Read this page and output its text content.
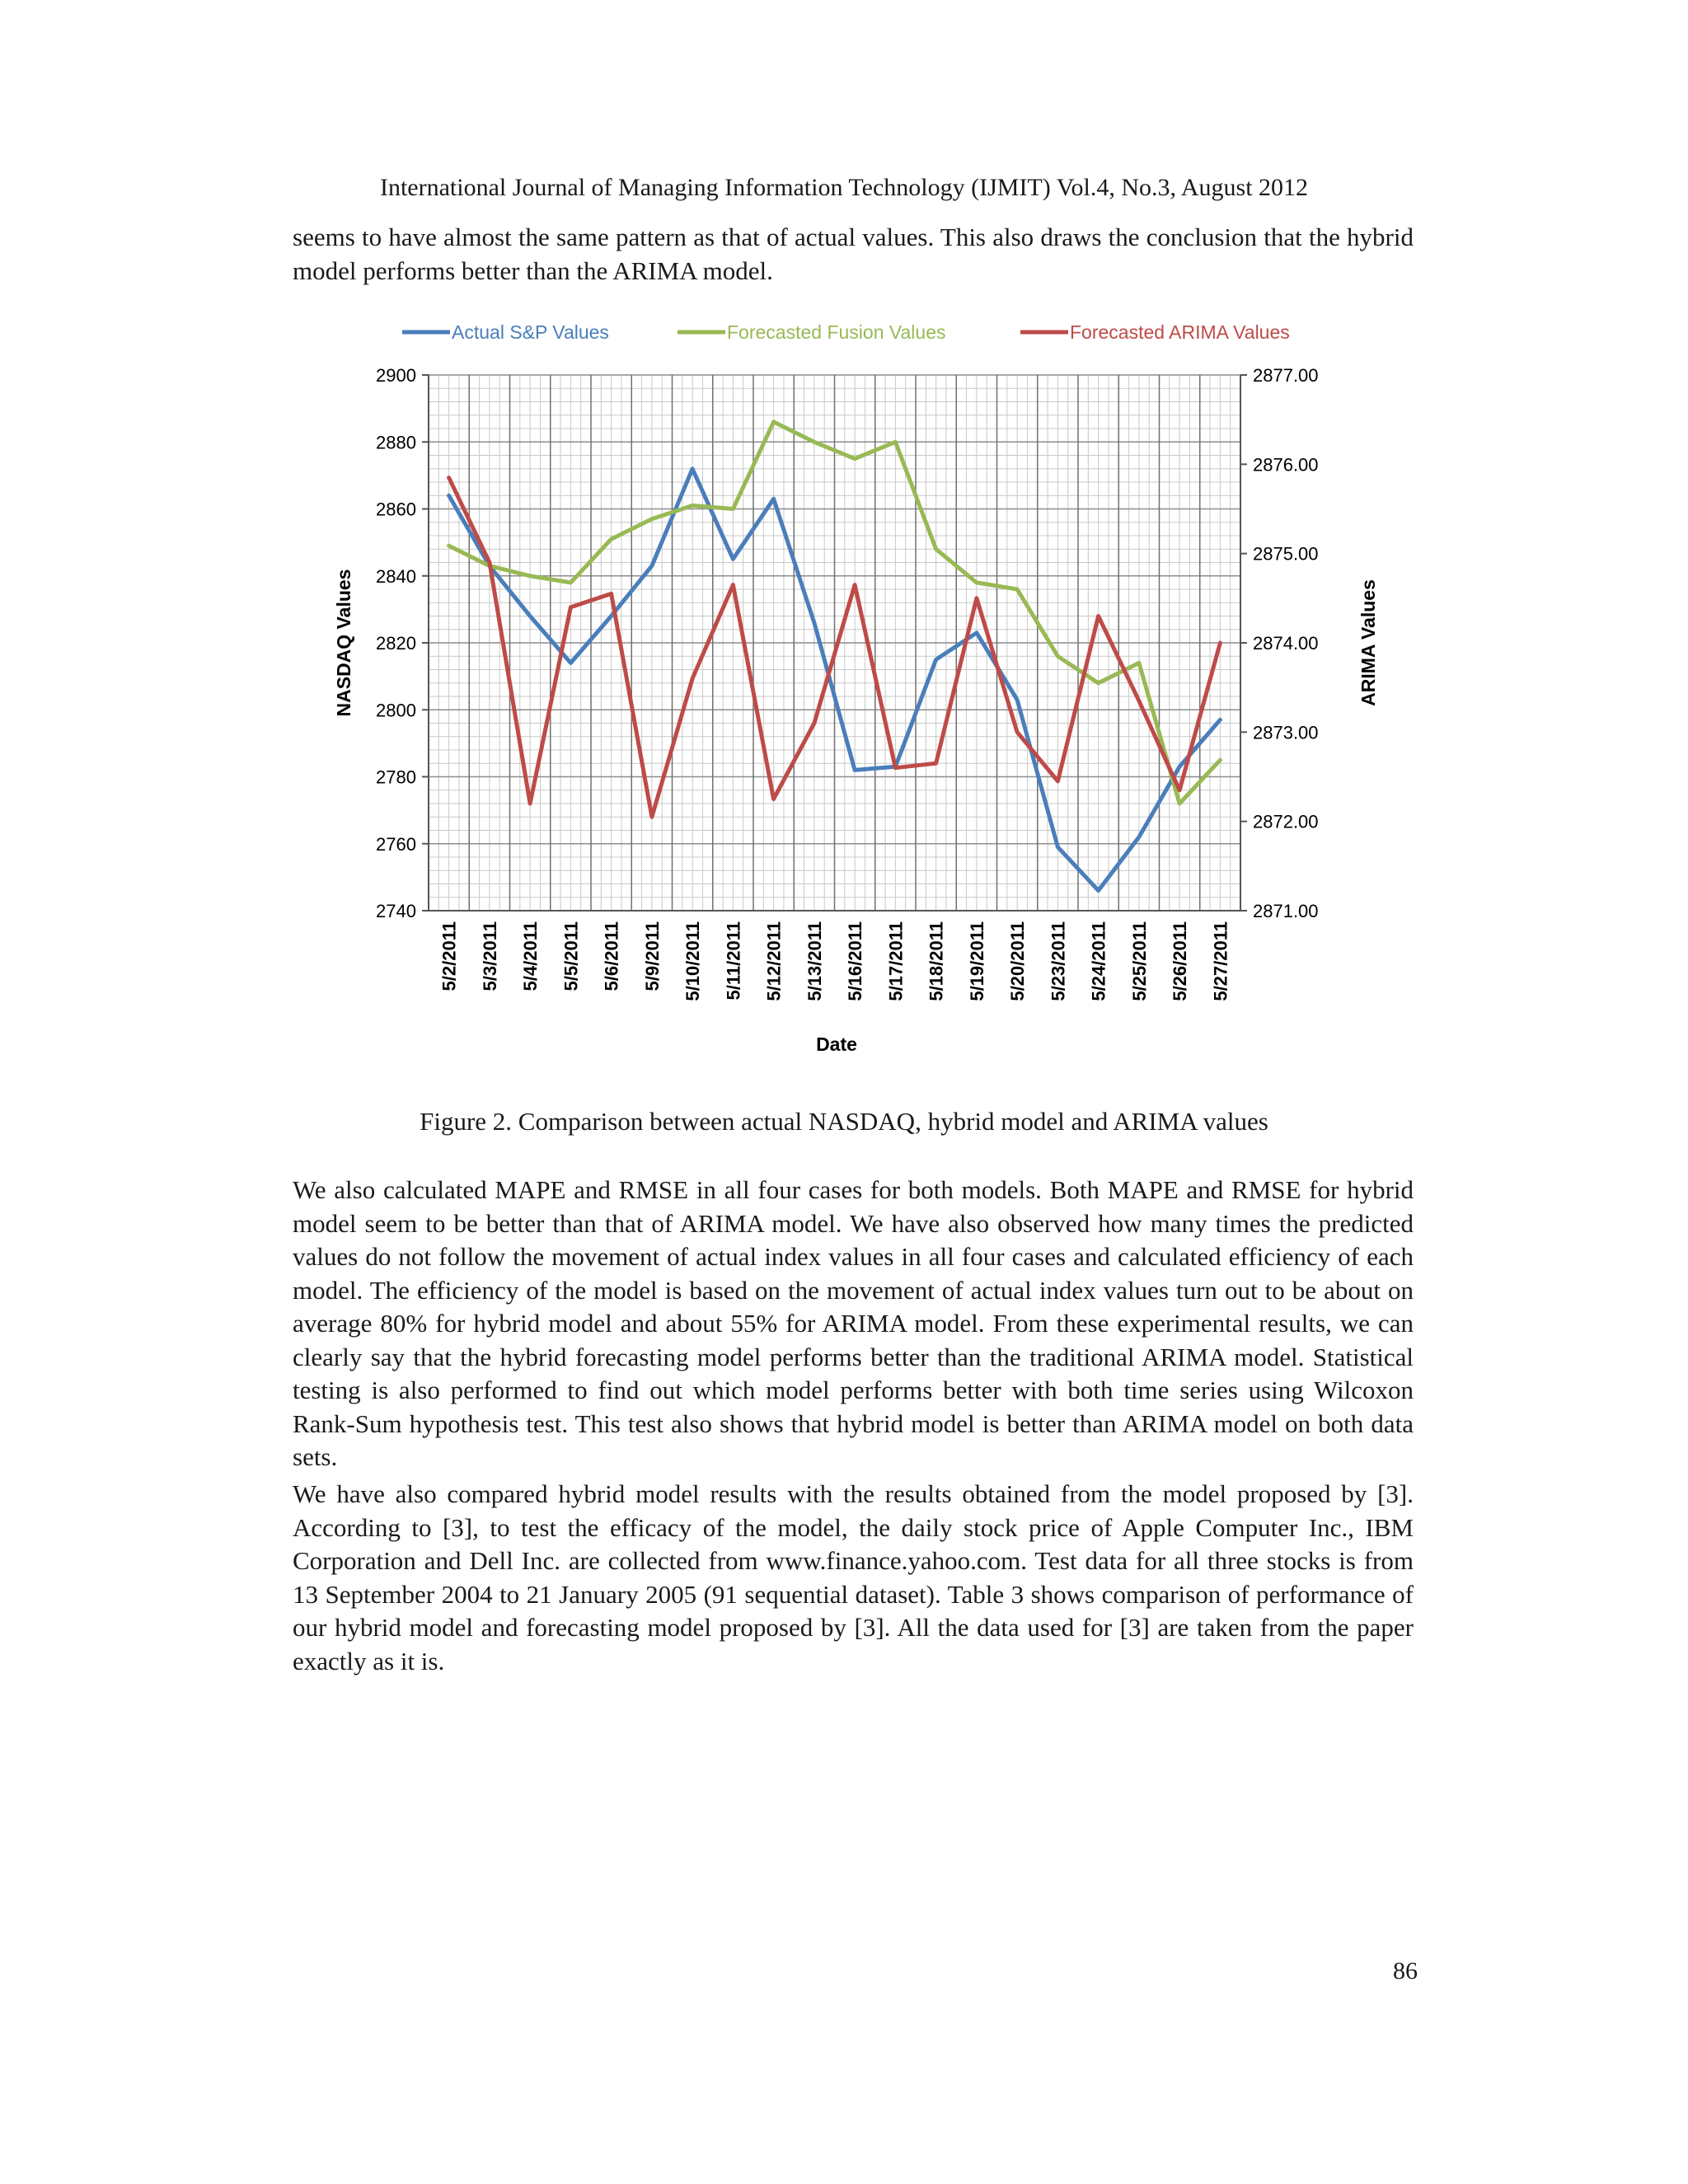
International Journal of Managing Information Technology (IJMIT) Vol.4, No.3, August 2012
seems to have almost the same pattern as that of actual values. This also draws the conclusion that the hybrid model performs better than the ARIMA model.
2740
2760
2780
2800
2820
2840
2860
2880
2900
2871.00
2872.00
2873.00
2874.00
2875.00
2876.00
2877.00
5/2/2011 5/3/2011 5/4/2011 5/5/2011 5/6/2011 5/9/2011 5/10/2011 5/11/2011 5/12/2011 5/13/2011 5/16/2011 5/17/2011 5/18/2011 5/19/2011 5/20/2011 5/23/2011 5/24/2011 5/25/2011 5/26/2011 5/27/2011
Date
NASDAQ Values	ARIMA Values
Actual S&P Values	Forecasted Fusion Values	Forecasted ARIMA Values
Figure 2. Comparison between actual NASDAQ, hybrid model and ARIMA values
We also calculated MAPE and RMSE in all four cases for both models. Both MAPE and RMSE for hybrid model seem to be better than that of ARIMA model. We have also observed how many times the predicted values do not follow the movement of actual index values in all four cases and calculated efficiency of each model. The efficiency of the model is based on the movement of actual index values turn out to be about on average 80% for hybrid model and about 55% for ARIMA model. From these experimental results, we can clearly say that the hybrid forecasting model performs better than the traditional ARIMA model. Statistical testing is also performed to find out which model performs better with both time series using Wilcoxon Rank-Sum hypothesis test. This test also shows that hybrid model is better than ARIMA model on both data sets.
We have also compared hybrid model results with the results obtained from the model proposed by [3]. According to [3], to test the efficacy of the model, the daily stock price of Apple Computer Inc., IBM Corporation and Dell Inc. are collected from www.finance.yahoo.com. Test data for all three stocks is from 13 September 2004 to 21 January 2005 (91 sequential dataset). Table 3 shows comparison of performance of our hybrid model and forecasting model proposed by [3]. All the data used for [3] are taken from the paper exactly as it is.
86
